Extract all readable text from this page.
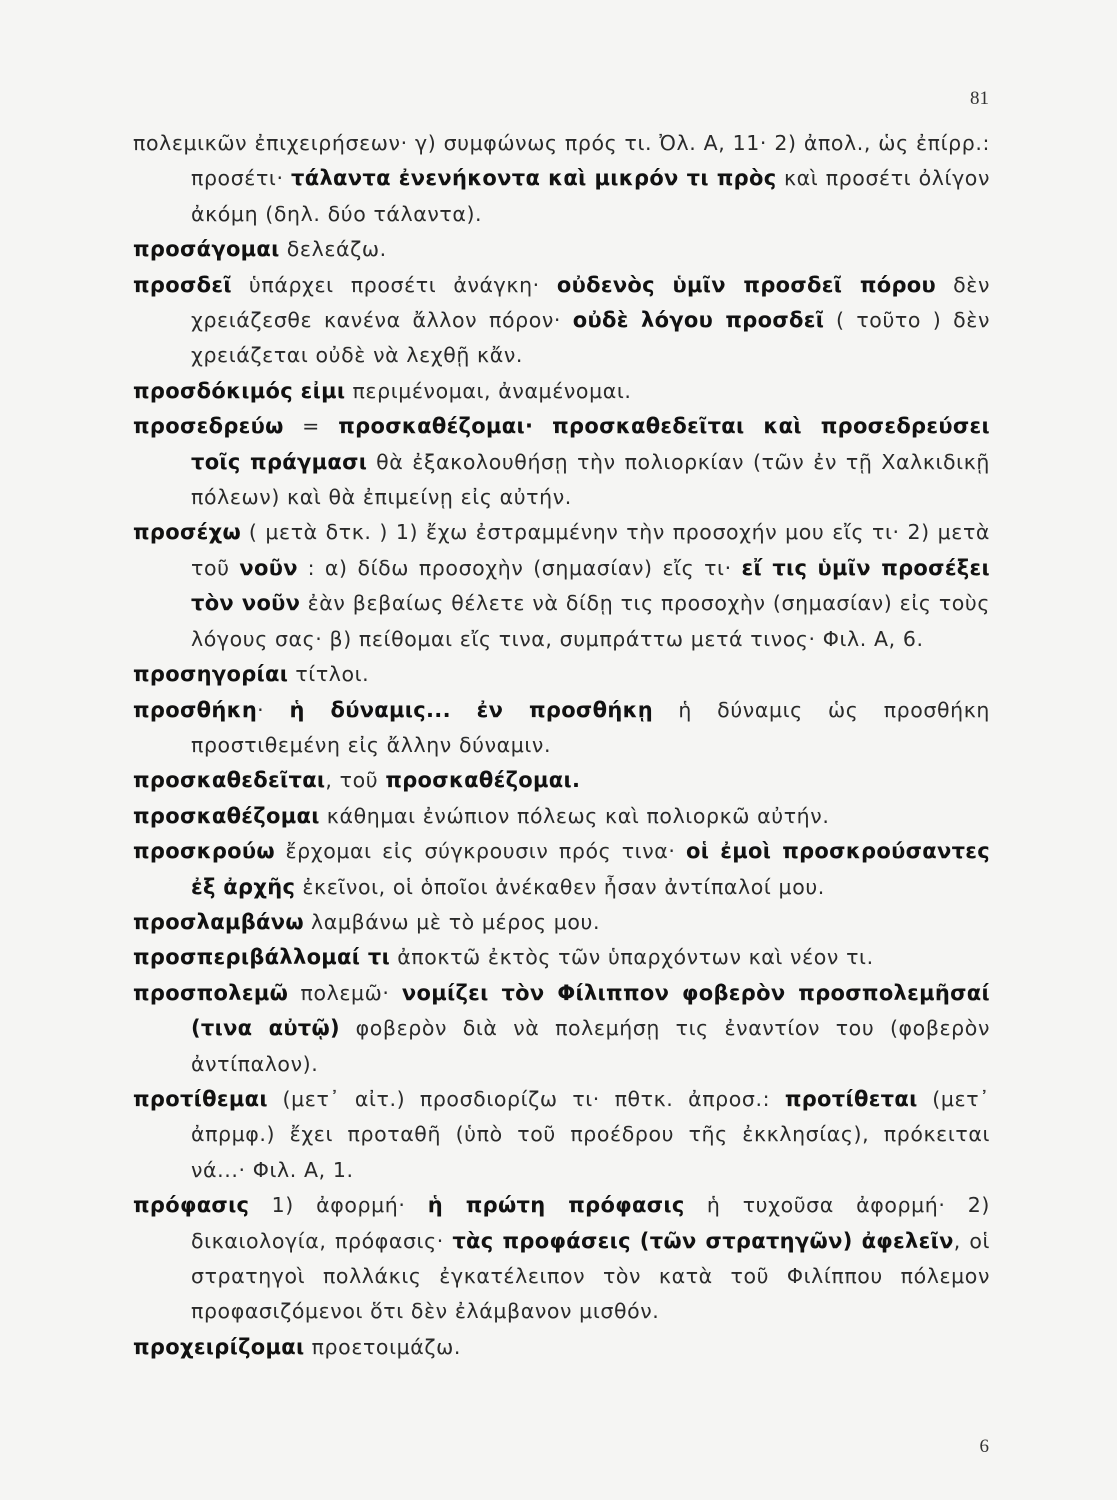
81

πολεμικῶν ἐπιχειρήσεων· γ) συμφώνως πρός τι. Ὀλ. Α, 11· 2) ἀπολ., ὡς ἐπίρρ.: προσέτι· τάλαντα ἐνενήκοντα καὶ μικρόν τι πρὸς καὶ προσέτι ὀλίγον ἀκόμη (δηλ. δύο τάλαντα).

προσάγομαι δελεάζω.

προσδεῖ ὑπάρχει προσέτι ἀνάγκη· οὐδενὸς ὑμῖν προσδεῖ πόρου δὲν χρειάζεσθε κανένα ἄλλον πόρον· οὐδὲ λόγου προσδεῖ ( τοῦτο ) δὲν χρειάζεται οὐδὲ νὰ λεχθῇ κἄν.

προσδόκιμός εἰμι περιμένομαι, ἀναμένομαι.

προσεδρεύω = προσκαθέζομαι· προσκαθεδεῖται καὶ προσεδρεύσει τοῖς πράγμασι θὰ ἐξακολουθήσῃ τὴν πολιορκίαν (τῶν ἐν τῇ Χαλκιδικῇ πόλεων) καὶ θὰ ἐπιμείνῃ εἰς αὐτήν.

προσέχω ( μετὰ δτκ. ) 1) ἔχω ἐστραμμένην τὴν προσοχήν μου εἴς τι· 2) μετὰ τοῦ νοῦν : α) δίδω προσοχὴν (σημασίαν) εἴς τι· εἴ τις ὑμῖν προσέξει τὸν νοῦν ἐὰν βεβαίως θέλετε νὰ δίδῃ τις προσοχὴν (σημασίαν) εἰς τοὺς λόγους σας· β) πείθομαι εἴς τινα, συμπράττω μετά τινος· Φιλ. Α, 6.

προσηγορίαι τίτλοι.

προσθήκη· ἡ δύναμις... ἐν προσθήκῃ ἡ δύναμις ὡς προσθήκη προστιθεμένη εἰς ἄλλην δύναμιν.

προσκαθεδεῖται, τοῦ προσκαθέζομαι.

προσκαθέζομαι κάθημαι ἐνώπιον πόλεως καὶ πολιορκῶ αὐτήν.

προσκρούω ἔρχομαι εἰς σύγκρουσιν πρός τινα· οἱ ἐμοὶ προσκρούσαντες ἐξ ἀρχῆς ἐκεῖνοι, οἱ ὁποῖοι ἀνέκαθεν ἦσαν ἀντίπαλοί μου.

προσλαμβάνω λαμβάνω μὲ τὸ μέρος μου.

προσπεριβάλλομαί τι ἀποκτῶ ἐκτὸς τῶν ὑπαρχόντων καὶ νέον τι.

προσπολεμῶ πολεμῶ· νομίζει τὸν Φίλιππον φοβερὸν προσπολεμῆσαί (τινα αὐτῷ) φοβερὸν διὰ νὰ πολεμήσῃ τις ἐναντίον του (φοβερὸν ἀντίπαλον).

προτίθεμαι (μετ᾽ αἰτ.) προσδιορίζω τι· πθτκ. ἀπροσ.: προτίθεται (μετ᾽ ἀπρμφ.) ἔχει προταθῆ (ὑπὸ τοῦ προέδρου τῆς ἐκκλησίας), πρόκειται νά...· Φιλ. Α, 1.

πρόφασις 1) ἀφορμή· ἡ πρώτη πρόφασις ἡ τυχοῦσα ἀφορμή· 2) δικαιολογία, πρόφασις· τὰς προφάσεις (τῶν στρατηγῶν) ἀφελεῖν, οἱ στρατηγοὶ πολλάκις ἐγκατέλειπον τὸν κατὰ τοῦ Φιλίππου πόλεμον προφασιζόμενοι ὅτι δὲν ἐλάμβανον μισθόν.

προχειρίζομαι προετοιμάζω.

6
